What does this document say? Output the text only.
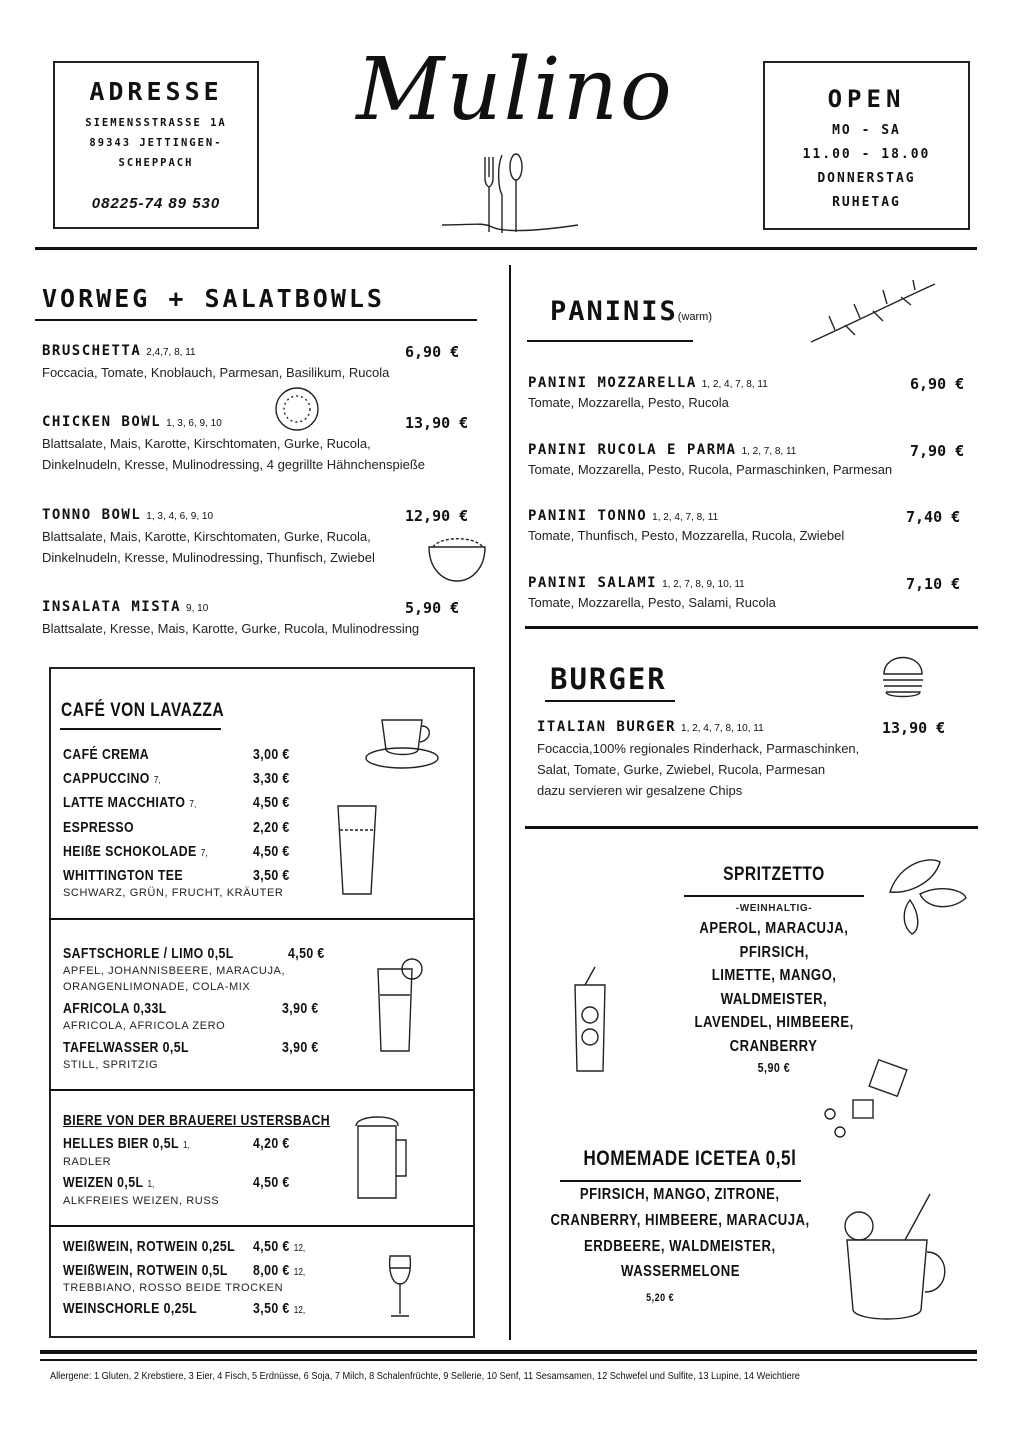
ADRESSE
SIEMENSSTRASSE 1A
89343 JETTINGEN-
SCHEPPACH
08225-74 89 530
Mulino	OPEN
MO - SA
11.00 - 18.00
DONNERSTAG
RUHETAG
VORWEG + SALATBOWLS
BRUSCHETTA 2,4,7, 8, 11	6,90 €
Foccacia, Tomate, Knoblauch, Parmesan, Basilikum, Rucola
CHICKEN BOWL 1, 3, 6, 9, 10	13,90 €
Blattsalate, Mais, Karotte, Kirschtomaten, Gurke, Rucola,
Dinkelnudeln, Kresse, Mulinodressing, 4 gegrillte Hähnchenspieße
TONNO BOWL 1, 3, 4, 6, 9, 10	12,90 €
Blattsalate, Mais, Karotte, Kirschtomaten, Gurke, Rucola,
Dinkelnudeln, Kresse, Mulinodressing, Thunfisch, Zwiebel
INSALATA MISTA 9, 10	5,90 €
Blattsalate, Kresse, Mais, Karotte, Gurke, Rucola, Mulinodressing
CAFÉ VON LAVAZZA
CAFÉ CREMA	3,00 €
CAPPUCCINO 7,	3,30 €
LATTE MACCHIATO 7,	4,50 €
ESPRESSO	2,20 €
HEIßE SCHOKOLADE 7,	4,50 €
WHITTINGTON TEE	3,50 €
SCHWARZ, GRÜN, FRUCHT, KRÄUTER
SAFTSCHORLE / LIMO 0,5L	4,50 €
APFEL, JOHANNISBEERE, MARACUJA,
ORANGENLIMONADE, COLA-MIX
AFRICOLA 0,33L	3,90 €
AFRICOLA, AFRICOLA ZERO
TAFELWASSER 0,5L	3,90 €
STILL, SPRITZIG
BIERE VON DER BRAUEREI USTERSBACH
HELLES BIER 0,5L 1,	4,20 €
RADLER
WEIZEN 0,5L 1,	4,50 €
ALKFREIES WEIZEN, RUSS
WEIßWEIN, ROTWEIN 0,25L 4,50 € 12,
WEIßWEIN, ROTWEIN 0,5L 8,00 € 12,
TREBBIANO, ROSSO BEIDE TROCKEN
WEINSCHORLE 0,25L	3,50 € 12,
PANINIS(warm)
PANINI MOZZARELLA 1, 2, 4, 7, 8, 11	6,90 €
Tomate, Mozzarella, Pesto, Rucola
PANINI RUCOLA E PARMA 1, 2, 7, 8, 11	7,90 €
Tomate, Mozzarella, Pesto, Rucola, Parmaschinken, Parmesan
PANINI TONNO 1, 2, 4, 7, 8, 11	7,40 €
Tomate, Thunfisch, Pesto, Mozzarella, Rucola, Zwiebel
PANINI SALAMI 1, 2, 7, 8, 9, 10, 11	7,10 €
Tomate, Mozzarella, Pesto, Salami, Rucola
BURGER
ITALIAN BURGER 1, 2, 4, 7, 8, 10, 11	13,90 €
Focaccia,100% regionales Rinderhack, Parmaschinken,
Salat, Tomate, Gurke, Zwiebel, Rucola, Parmesan
dazu servieren wir gesalzene Chips
SPRITZETTO
-WEINHALTIG-
APEROL, MARACUJA,
PFIRSICH,
LIMETTE, MANGO,
WALDMEISTER,
LAVENDEL, HIMBEERE,
CRANBERRY
5,90 €
HOMEMADE ICETEA 0,5l
PFIRSICH, MANGO, ZITRONE,
CRANBERRY, HIMBEERE, MARACUJA,
ERDBEERE, WALDMEISTER,
WASSERMELONE
5,20 €
Allergene: 1 Gluten, 2 Krebstiere, 3 Eier, 4 Fisch, 5 Erdnüsse, 6 Soja, 7 Milch, 8 Schalenfrüchte, 9 Sellerie, 10 Senf, 11 Sesamsamen, 12 Schwefel und Sulfite, 13 Lupine, 14 Weichtiere
